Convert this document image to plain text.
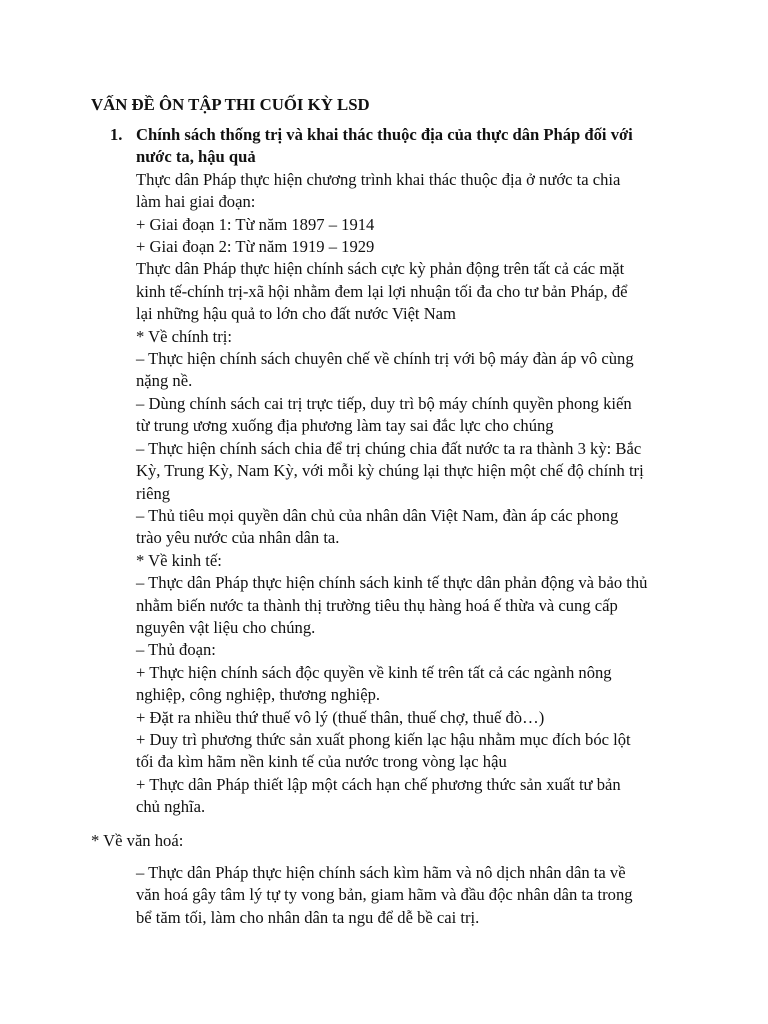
VẤN ĐỀ ÔN TẬP THI CUỐI KỲ LSD
1. Chính sách thống trị và khai thác thuộc địa của thực dân Pháp đối với
nước ta, hậu quả
Thực dân Pháp thực hiện chương trình khai thác thuộc địa ở nước ta chia
làm hai giai đoạn:
+ Giai đoạn 1: Từ năm 1897 – 1914
+ Giai đoạn 2: Từ năm 1919 – 1929
Thực dân Pháp thực hiện chính sách cực kỳ phản động trên tất cả các mặt
kinh tế-chính trị-xã hội nhằm đem lại lợi nhuận tối đa cho tư bản Pháp, để
lại những hậu quả to lớn cho đất nước Việt Nam
* Về chính trị:
– Thực hiện chính sách chuyên chế về chính trị với bộ máy đàn áp vô cùng
nặng nề.
– Dùng chính sách cai trị trực tiếp, duy trì bộ máy chính quyền phong kiến
từ trung ương xuống địa phương làm tay sai đắc lực cho chúng
– Thực hiện chính sách chia để trị chúng chia đất nước ta ra thành 3 kỳ: Bắc
Kỳ, Trung Kỳ, Nam Kỳ, với mỗi kỳ chúng lại thực hiện một chế độ chính trị
riêng
– Thủ tiêu mọi quyền dân chủ của nhân dân Việt Nam, đàn áp các phong
trào yêu nước của nhân dân ta.
* Về kinh tế:
– Thực dân Pháp thực hiện chính sách kinh tế thực dân phản động và bảo thủ
nhằm biến nước ta thành thị trường tiêu thụ hàng hoá ế thừa và cung cấp
nguyên vật liệu cho chúng.
– Thủ đoạn:
+ Thực hiện chính sách độc quyền về kinh tế trên tất cả các ngành nông
nghiệp, công nghiệp, thương nghiệp.
+ Đặt ra nhiều thứ thuế vô lý (thuế thân, thuế chợ, thuế đò…)
+ Duy trì phương thức sản xuất phong kiến lạc hậu nhằm mục đích bóc lột
tối đa kìm hãm nền kinh tế của nước trong vòng lạc hậu
+ Thực dân Pháp thiết lập một cách hạn chế phương thức sản xuất tư bản
chủ nghĩa.
* Về văn hoá:
– Thực dân Pháp thực hiện chính sách kìm hãm và nô dịch nhân dân ta về
văn hoá gây tâm lý tự ty vong bản, giam hãm và đầu độc nhân dân ta trong
bể tăm tối, làm cho nhân dân ta ngu để dễ bề cai trị.
